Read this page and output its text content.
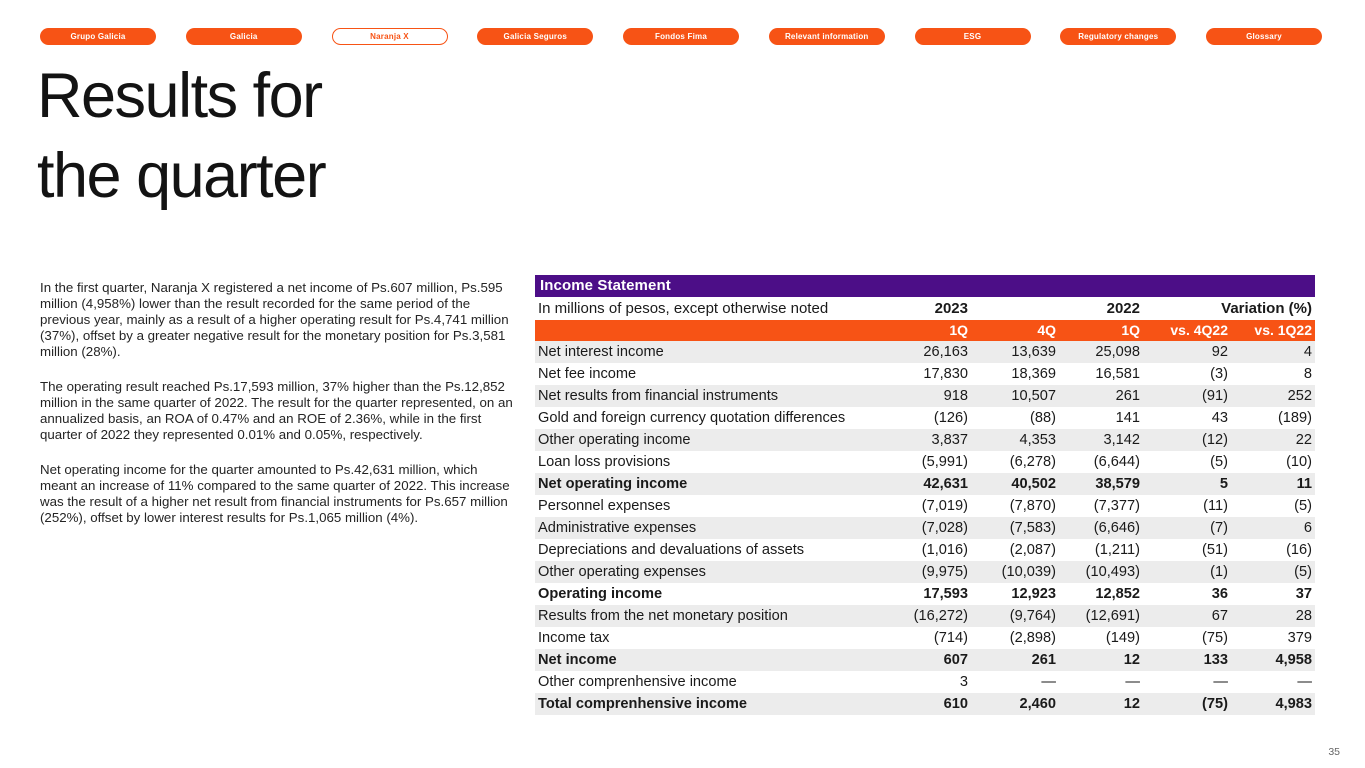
Grupo Galicia	Galicia	Naranja X	Galicia Seguros	Fondos Fima	Relevant information	ESG	Regulatory changes	Glossary
Results for
the quarter

In the first quarter, Naranja X registered a net income of Ps.607 million, Ps.595 million (4,958%) lower than the result recorded for the same period of the previous year, mainly as a result of a higher operating result for Ps.4,741 million (37%), offset by a greater negative result for the monetary position for Ps.3,581 million (28%).

The operating result reached Ps.17,593 million, 37% higher than the Ps.12,852 million in the same quarter of 2022. The result for the quarter represented, on an annualized basis, an ROA of 0.47% and an ROE of 2.36%, while in the first quarter of 2022 they represented 0.01% and 0.05%, respectively.

Net operating income for the quarter amounted to Ps.42,631 million, which meant an increase of 11% compared to the same quarter of 2022. This increase was the result of a higher net result from financial instruments for Ps.657 million (252%), offset by lower interest results for Ps.1,065 million (4%).

Income Statement
In millions of pesos, except otherwise noted	2023		2022	Variation (%)	
	1Q	4Q	1Q	vs. 4Q22	vs. 1Q22
Net interest income	26,163	13,639	25,098	92	4
Net fee income	17,830	18,369	16,581	(3)	8
Net results from financial instruments	918	10,507	261	(91)	252
Gold and foreign currency quotation differences	(126)	(88)	141	43	(189)
Other operating income	3,837	4,353	3,142	(12)	22
Loan loss provisions	(5,991)	(6,278)	(6,644)	(5)	(10)
Net operating income	42,631	40,502	38,579	5	11
Personnel expenses	(7,019)	(7,870)	(7,377)	(11)	(5)
Administrative expenses	(7,028)	(7,583)	(6,646)	(7)	6
Depreciations and devaluations of assets	(1,016)	(2,087)	(1,211)	(51)	(16)
Other operating expenses	(9,975)	(10,039)	(10,493)	(1)	(5)
Operating income	17,593	12,923	12,852	36	37
Results from the net monetary position	(16,272)	(9,764)	(12,691)	67	28
Income tax	(714)	(2,898)	(149)	(75)	379
Net income	607	261	12	133	4,958
Other comprenhensive income	3	—	—	—	—
Total comprenhensive income	610	2,460	12	(75)	4,983
35
